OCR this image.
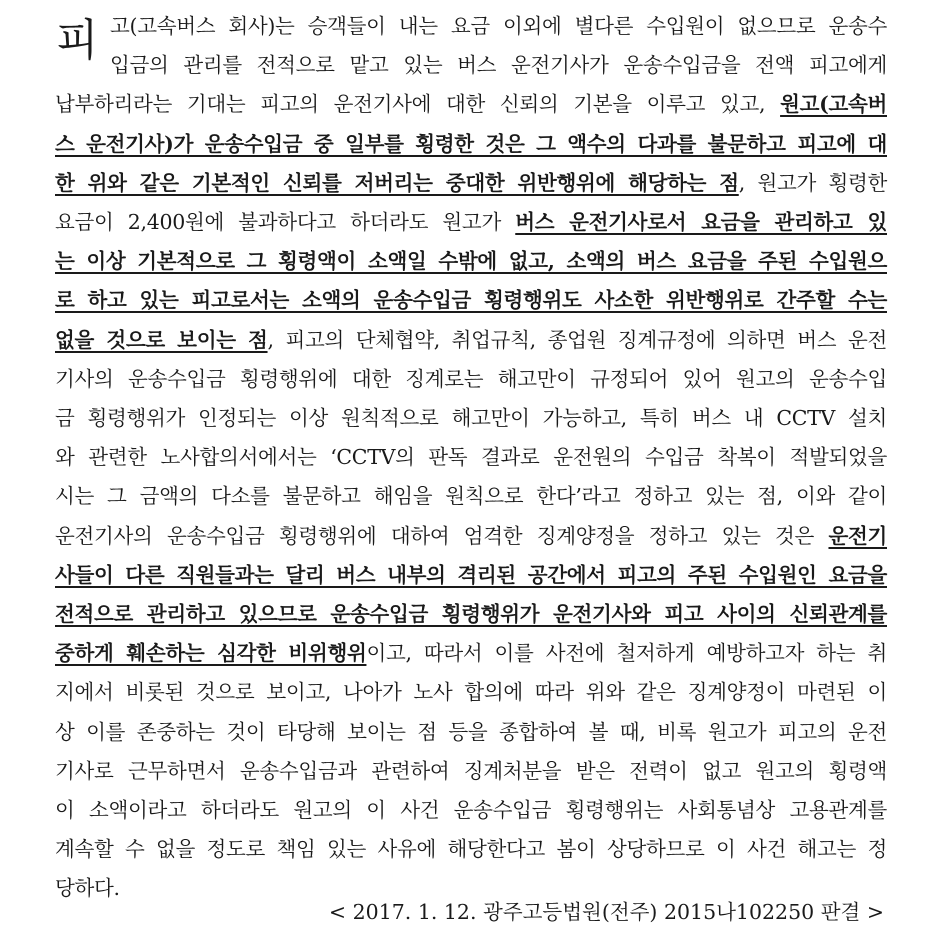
피 고(고속버스 회사)는 승객들이 내는 요금 이외에 별다른 수입원이 없으므로 운송수
입금의 관리를 전적으로 맡고 있는 버스 운전기사가 운송수입금을 전액 피고에게
납부하리라는 기대는 피고의 운전기사에 대한 신뢰의 기본을 이루고 있고, 원고(고속버
스 운전기사)가 운송수입금 중 일부를 횡령한 것은 그 액수의 다과를 불문하고 피고에 대
한 위와 같은 기본적인 신뢰를 저버리는 중대한 위반행위에 해당하는 점, 원고가 횡령한
요금이 2,400원에 불과하다고 하더라도 원고가 버스 운전기사로서 요금을 관리하고 있
는 이상 기본적으로 그 횡령액이 소액일 수밖에 없고, 소액의 버스 요금을 주된 수입원으
로 하고 있는 피고로서는 소액의 운송수입금 횡령행위도 사소한 위반행위로 간주할 수는
없을 것으로 보이는 점, 피고의 단체협약, 취업규칙, 종업원 징계규정에 의하면 버스 운전
기사의 운송수입금 횡령행위에 대한 징계로는 해고만이 규정되어 있어 원고의 운송수입
금 횡령행위가 인정되는 이상 원칙적으로 해고만이 가능하고, 특히 버스 내 CCTV 설치
와 관련한 노사합의서에서는 ‘CCTV의 판독 결과로 운전원의 수입금 착복이 적발되었을
시는 그 금액의 다소를 불문하고 해임을 원칙으로 한다’라고 정하고 있는 점, 이와 같이
운전기사의 운송수입금 횡령행위에 대하여 엄격한 징계양정을 정하고 있는 것은 운전기
사들이 다른 직원들과는 달리 버스 내부의 격리된 공간에서 피고의 주된 수입원인 요금을
전적으로 관리하고 있으므로 운송수입금 횡령행위가 운전기사와 피고 사이의 신뢰관계를
중하게 훼손하는 심각한 비위행위이고, 따라서 이를 사전에 철저하게 예방하고자 하는 취
지에서 비롯된 것으로 보이고, 나아가 노사 합의에 따라 위와 같은 징계양정이 마련된 이
상 이를 존중하는 것이 타당해 보이는 점 등을 종합하여 볼 때, 비록 원고가 피고의 운전
기사로 근무하면서 운송수입금과 관련하여 징계처분을 받은 전력이 없고 원고의 횡령액
이 소액이라고 하더라도 원고의 이 사건 운송수입금 횡령행위는 사회통념상 고용관계를
계속할 수 없을 정도로 책임 있는 사유에 해당한다고 봄이 상당하므로 이 사건 해고는 정
당하다.
< 2017. 1. 12. 광주고등법원(전주) 2015나102250 판결 >
